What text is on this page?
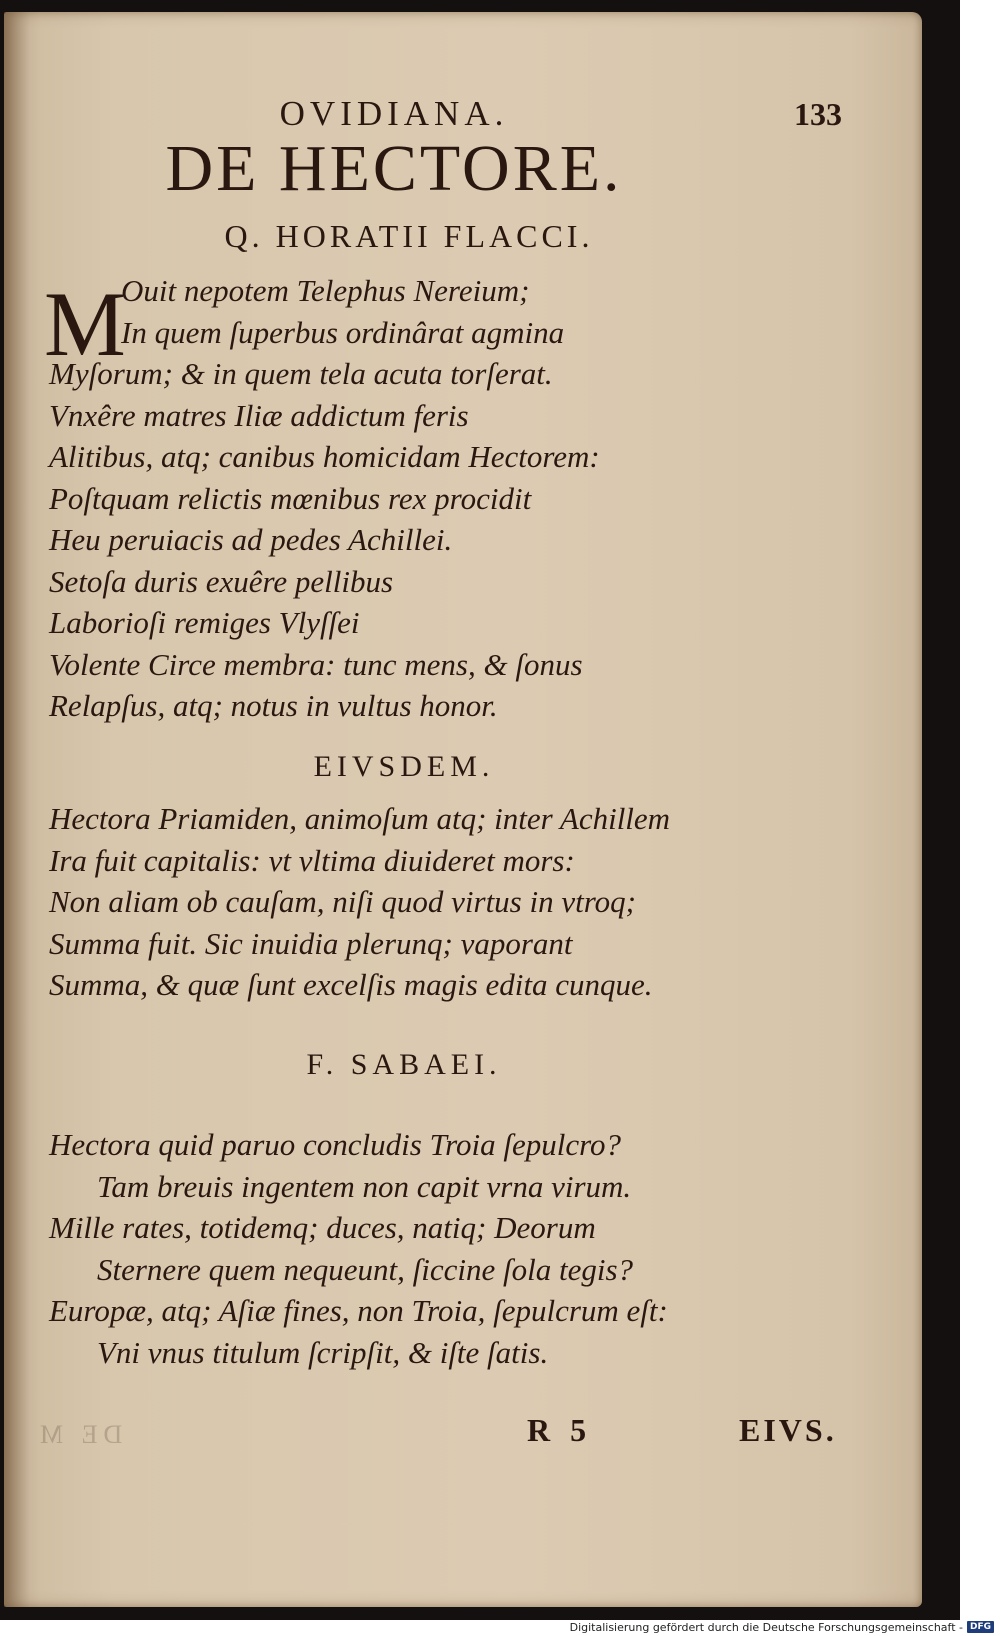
OVIDIANA.	133
DE HECTORE.
Q. HORATII FLACCI.
M
Ouit nepotem Telephus Nereium;
In quem ſuperbus ordinârat agmina
Myſorum; & in quem tela acuta torſerat.
Vnxêre matres Iliæ addictum feris
Alitibus, atq; canibus homicidam Hectorem:
Poſtquam relictis mœnibus rex procidit
Heu peruiacis ad pedes Achillei.
Setoſa duris exuêre pellibus
Laborioſi remiges Vlyſſei
Volente Circe membra: tunc mens, & ſonus
Relapſus, atq; notus in vultus honor.
EIVSDEM.
Hectora Priamiden, animoſum atq; inter Achillem
Ira fuit capitalis: vt vltima diuideret mors:
Non aliam ob cauſam, niſi quod virtus in vtroq;
Summa fuit. Sic inuidia plerunq; vaporant
Summa, & quæ ſunt excelſis magis edita cunque.
F. SABAEI.
Hectora quid paruo concludis Troia ſepulcro?
Tam breuis ingentem non capit vrna virum.
Mille rates, totidemq; duces, natiq; Deorum
Sternere quem nequeunt, ſiccine ſola tegis?
Europæ, atq; Aſiæ fines, non Troia, ſepulcrum eſt:
Vni vnus titulum ſcripſit, & iſte ſatis.
DE M	R 5	EIVS.
Digitalisierung gefördert durch die Deutsche Forschungsgemeinschaft - DFG
